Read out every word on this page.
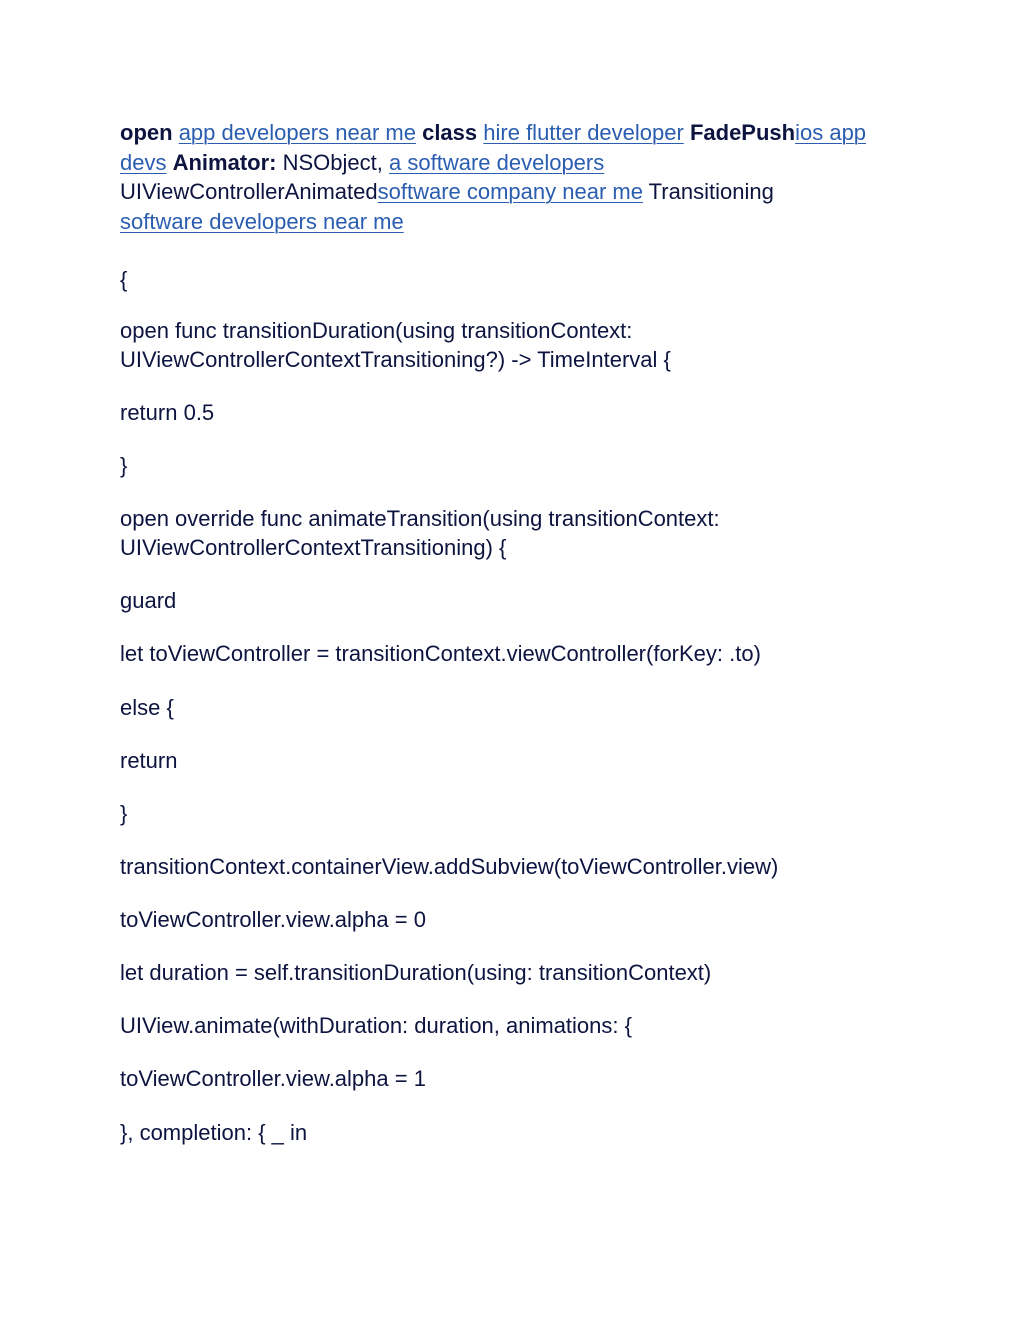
open app developers near me class hire flutter developer FadePushios app devs Animator: NSObject, a software developers
UIViewControllerAnimatedsoftware company near me Transitioning
software developers near me

{

open func transitionDuration(using transitionContext: UIViewControllerContextTransitioning?) -> TimeInterval {

return 0.5

}

open override func animateTransition(using transitionContext: UIViewControllerContextTransitioning) {

guard

let toViewController = transitionContext.viewController(forKey: .to)

else {

return

}

transitionContext.containerView.addSubview(toViewController.view)

toViewController.view.alpha = 0

let duration = self.transitionDuration(using: transitionContext)

UIView.animate(withDuration: duration, animations: {

toViewController.view.alpha = 1

}, completion: { _ in
